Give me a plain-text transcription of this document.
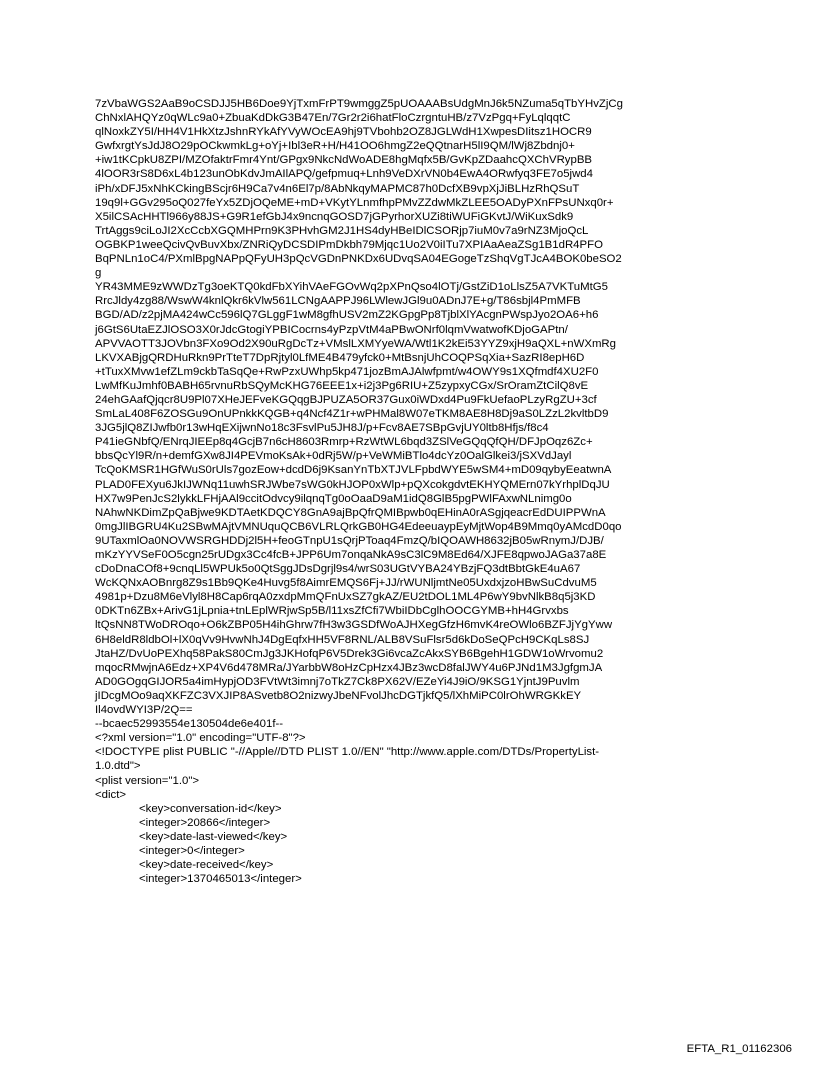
7zVbaWGS2AaB9oCSDJJ5HB6Doe9YjTxmFrPT9wmggZ5pUOAAABsUdgMnJ6k5NZuma5qTbYHvZjCg
ChNxlAHQYz0qWLc9a0+ZbuaKdDkG3B47En/7Gr2r2i6hatFloCzrgntuHB/z7VzPgq+FyLqlqqtC
qlNoxkZY5I/HH4V1HkXtzJshnRYkAfYVyWOcEA9hj9TVbohb2OZ8JGLWdH1XwpesDIitsz1HOCR9
GwfxrgtYsJdJ8O29pOCkwmkLg+oYj+Ibl3eR+H/H41OO6hmgZ2eQQtnarH5lI9QM/lWj8Zbdnj0+
+iw1tKCpkU8ZPI/MZOfaktrFmr4Ynt/GPgx9NkcNdWoADE8hgMqfx5B/GvKpZDaahcQXChVRypBB
4lOOR3rS8D6xL4b123unObKdvJmAIlAPQ/gefpmuq+Lnh9VeDXrVN0b4EwA4ORwfyq3FE7o5jwd4
iPh/xDFJ5xNhKCkingBScjr6H9Ca7v4n6El7p/8AbNkqyMAPMC87h0DcfXB9vpXjJiBLHzRhQSuT
19q9l+GGv295oQ027feYx5ZDjOQeME+mD+VKytYLnmfhpPMvZZdwMkZLEE5OADyPXnFPsUNxq0r+
X5ilCSAcHHTl966y88JS+G9R1efGbJ4x9ncnqGOSD7jGPyrhorXUZi8tiWUFiGKvtJ/WiKuxSdk9
TrtAggs9ciLoJI2XcCcbXGQMHPrn9K3PHvhGM2J1HS4dyHBeIDlCSORjp7iuM0v7a9rNZ3MjoQcL
OGBKP1weeQcivQvBuvXbx/ZNRiQyDCSDIPmDkbh79Mjqc1Uo2V0iITu7XPIAaAeaZSg1B1dR4PFO
BqPNLn1oC4/PXmlBpgNAPpQFyUH3pQcVGDnPNKDx6UDvqSA04EGogeTzShqVgTJcA4BOK0beSO2
g
YR43MME9zWWDzTg3oeKTQ0kdFbXYihVAeFGOvWq2pXPnQso4lOTj/GstZiD1oLlsZ5A7VKTuMtG5
RrcJldy4zg88/WswW4knlQkr6kVlw561LCNgAAPPJ96LWlewJGl9u0ADnJ7E+g/T86sbjl4PmMFB
BGD/AD/z2pjMA424wCc596lQ7GLggF1wM8gfhUSV2mZ2KGpgPp8TjblXlYAcgnPWspJyo2OA6+h6
j6GtS6UtaEZJlOSO3X0rJdcGtogiYPBICocrns4yPzpVtM4aPBwONrf0lqmVwatwofKDjoGAPtn/
APVVAOTT3JOVbn3FXo9Od2X90uRgDcTz+VMslLXMYyeWA/Wtl1K2kEi53YYZ9xjH9aQXL+nWXmRg
LKVXABjgQRDHuRkn9PrTteT7DpRjtyl0LfME4B479yfck0+MtBsnjUhCOQPSqXia+SazRI8epH6D
+tTuxXMvw1efZLm9ckbTaSqQe+RwPzxUWhp5kp471jozBmAJAlwfpmt/w4OWY9s1XQfmdf4XU2F0
LwMfKuJmhf0BABH65rvnuRbSQyMcKHG76EEE1x+i2j3Pg6RIU+Z5zypxyCGx/SrOramZtCilQ8vE
24ehGAafQjqcr8U9Pl07XHeJEFveKGQqgBJPUZA5OR37Gux0iWDxd4Pu9FkUefaoPLzyRgZU+3cf
SmLaL408F6ZOSGu9OnUPnkkKQGB+q4Ncf4Z1r+wPHMal8W07eTKM8AE8H8Dj9aS0LZzL2kvltbD9
3JG5jlQ8ZIJwfb0r13wHqEXijwnNo18c3FsvlPu5JH8J/p+Fcv8AE7SBpGvjUY0ltb8Hfjs/f8c4
P41ieGNbfQ/ENrqJIEEp8q4GcjB7n6cH8603Rmrp+RzWtWL6bqd3ZSlVeGQqQfQH/DFJpOqz6Zc+
bbsQcYl9R/n+demfGXw8JI4PEVmoKsAk+0dRj5W/p+VeWMiBTlo4dcYz0OalGlkei3/jSXVdJayl
TcQoKMSR1HGfWuS0rUls7gozEow+dcdD6j9KsanYnTbXTJVLFpbdWYE5wSM4+mD09qybyEeatwnA
PLAD0FEXyu6JkIJWNq11uwhSRJWbe7sWG0kHJOP0xWlp+pQXcokgdvtEKHYQMErn07kYrhplDqJU
HX7w9PenJcS2lykkLFHjAAl9ccitOdvcy9ilqnqTg0oOaaD9aM1idQ8GlB5pgPWlFAxwNLnimg0o
NAhwNKDimZpQaBjwe9KDTAetKDQCY8GnA9ajBpQfrQMIBpwb0qEHinA0rASgjqeacrEdDUIPPWnA
0mgJlIBGRU4Ku2SBwMAjtVMNUquQCB6VLRLQrkGB0HG4EdeeuaypEyMjtWop4B9Mmq0yAMcdD0qo
9UTaxmlOa0NOVWSRGHDDj2l5H+feoGTnpU1sQrjPToaq4FmzQ/bIQOAWH8632jB05wRnymJ/DJB/
mKzYYVSeF0O5cgn25rUDgx3Cc4fcB+JPP6Um7onqaNkA9sC3lC9M8Ed64/XJFE8qpwoJAGa37a8E
cDoDnaCOf8+9cnqLl5WPUk5o0QtSggJDsDgrjl9s4/wrS03UGtVYBA24YBzjFQ3dtBbtGkE4uA67
WcKQNxAOBnrg8Z9s1Bb9QKe4Huvg5f8AimrEMQS6Fj+JJ/rWUNljmtNe05UxdxjzoHBwSuCdvuM5
4981p+Dzu8M6eVlyl8H8Cap6rqA0zxdpMmQFnUxSZ7gkAZ/EU2tDOL1ML4P6wY9bvNlkB8q5j3KD
0DKTn6ZBx+ArivG1jLpnia+tnLEplWRjwSp5B/l11xsZfCfi7WbiIDbCglhOOCGYMB+hH4Grvxbs
ltQsNN8TWoDROqo+O6kZBP05H4ihGhrw7fH3w3GSDfWoAJHXegGfzH6mvK4reOWlo6BZFJjYgYww
6H8eldR8ldbOl+lX0qVv9HvwNhJ4DgEqfxHH5VF8RNL/ALB8VSuFlsr5d6kDoSeQPcH9CKqLs8SJ
JtaHZ/DvUoPEXhq58PakS80CmJg3JKHofqP6V5Drek3Gi6vcaZcAkxSYB6BgehH1GDW1oWrvomu2
mqocRMwjnA6Edz+XP4V6d478MRa/JYarbbW8oHzCpHzx4JBz3wcD8falJWY4u6PJNd1M3JgfgmJA
AD0GOgqGIJOR5a4imHypjOD3FVtWt3imnj7oTkZ7Ck8PX62V/EZeYi4J9iO/9KSG1YjntJ9Puvlm
jIDcgMOo9aqXKFZC3VXJIP8ASvetb8O2nizwyJbeNFvolJhcDGTjkfQ5/lXhMiPC0lrOhWRGKkEY
Il4ovdWYI3P/2Q==
--bcaec52993554e130504de6e401f--
<?xml version="1.0" encoding="UTF-8"?>
<!DOCTYPE plist PUBLIC "-//Apple//DTD PLIST 1.0//EN" "http://www.apple.com/DTDs/PropertyList-
1.0.dtd">
<plist version="1.0">
<dict>
<key>conversation-id</key>
<integer>20866</integer>
<key>date-last-viewed</key>
<integer>0</integer>
<key>date-received</key>
<integer>1370465013</integer>
EFTA_R1_01162306
